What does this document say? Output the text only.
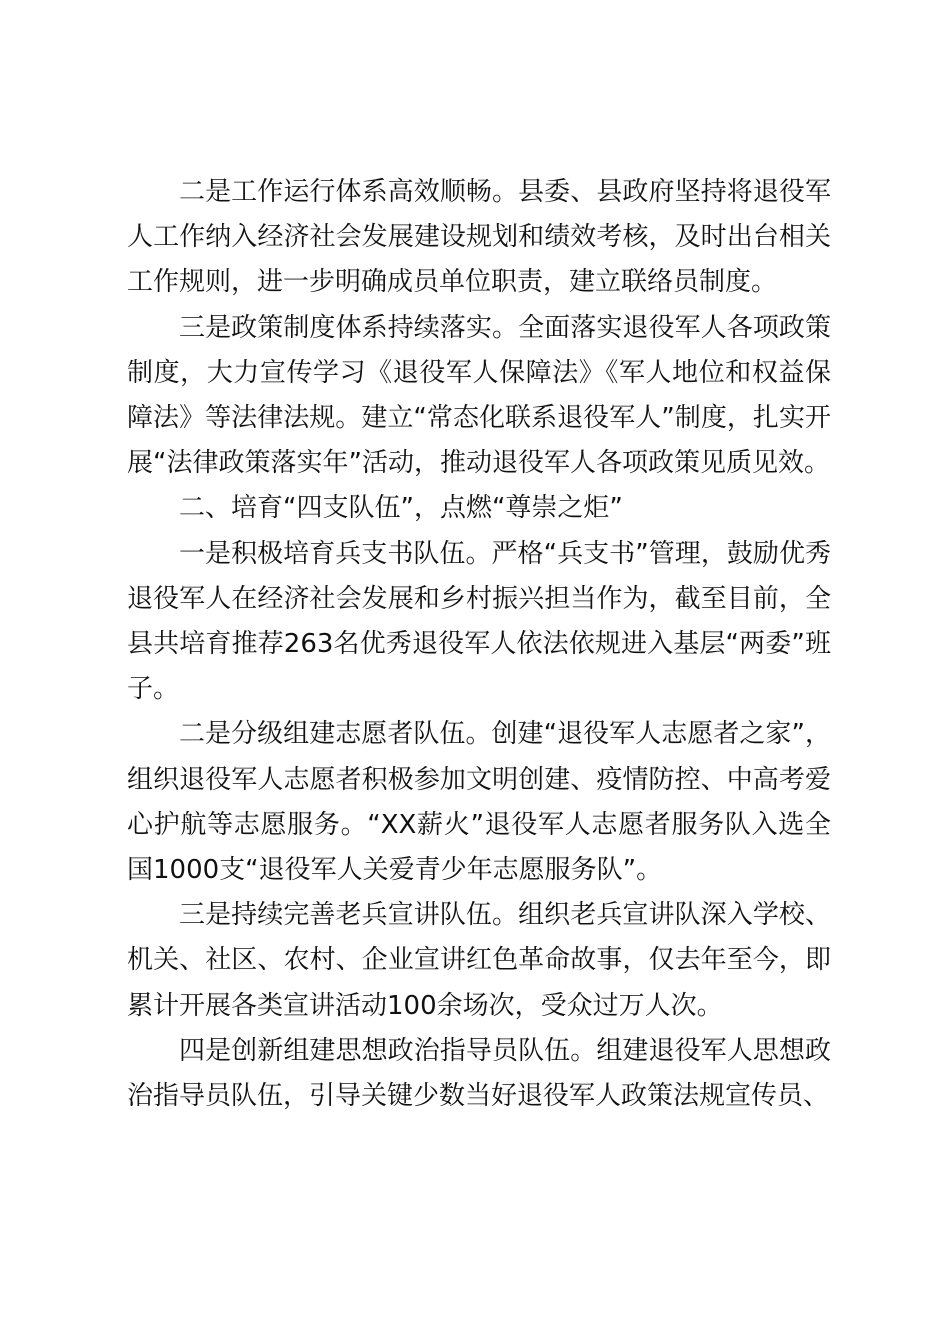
二是工作运行体系高效顺畅。县委、县政府坚持将退役军人工作纳入经济社会发展建设规划和绩效考核，及时出台相关工作规则，进一步明确成员单位职责，建立联络员制度。

三是政策制度体系持续落实。全面落实退役军人各项政策制度，大力宣传学习《退役军人保障法》《军人地位和权益保障法》等法律法规。建立“常态化联系退役军人”制度，扎实开展“法律政策落实年”活动，推动退役军人各项政策见质见效。

二、培育“四支队伍”，点燃“尊崇之炬”

一是积极培育兵支书队伍。严格“兵支书”管理，鼓励优秀退役军人在经济社会发展和乡村振兴担当作为，截至目前，全县共培育推荐263名优秀退役军人依法依规进入基层“两委”班子。

二是分级组建志愿者队伍。创建“退役军人志愿者之家”，组织退役军人志愿者积极参加文明创建、疫情防控、中高考爱心护航等志愿服务。“XX薪火”退役军人志愿者服务队入选全国1000支“退役军人关爱青少年志愿服务队”。

三是持续完善老兵宣讲队伍。组织老兵宣讲队深入学校、机关、社区、农村、企业宣讲红色革命故事，仅去年至今，即累计开展各类宣讲活动100余场次，受众过万人次。

四是创新组建思想政治指导员队伍。组建退役军人思想政治指导员队伍，引导关键少数当好退役军人政策法规宣传员、
